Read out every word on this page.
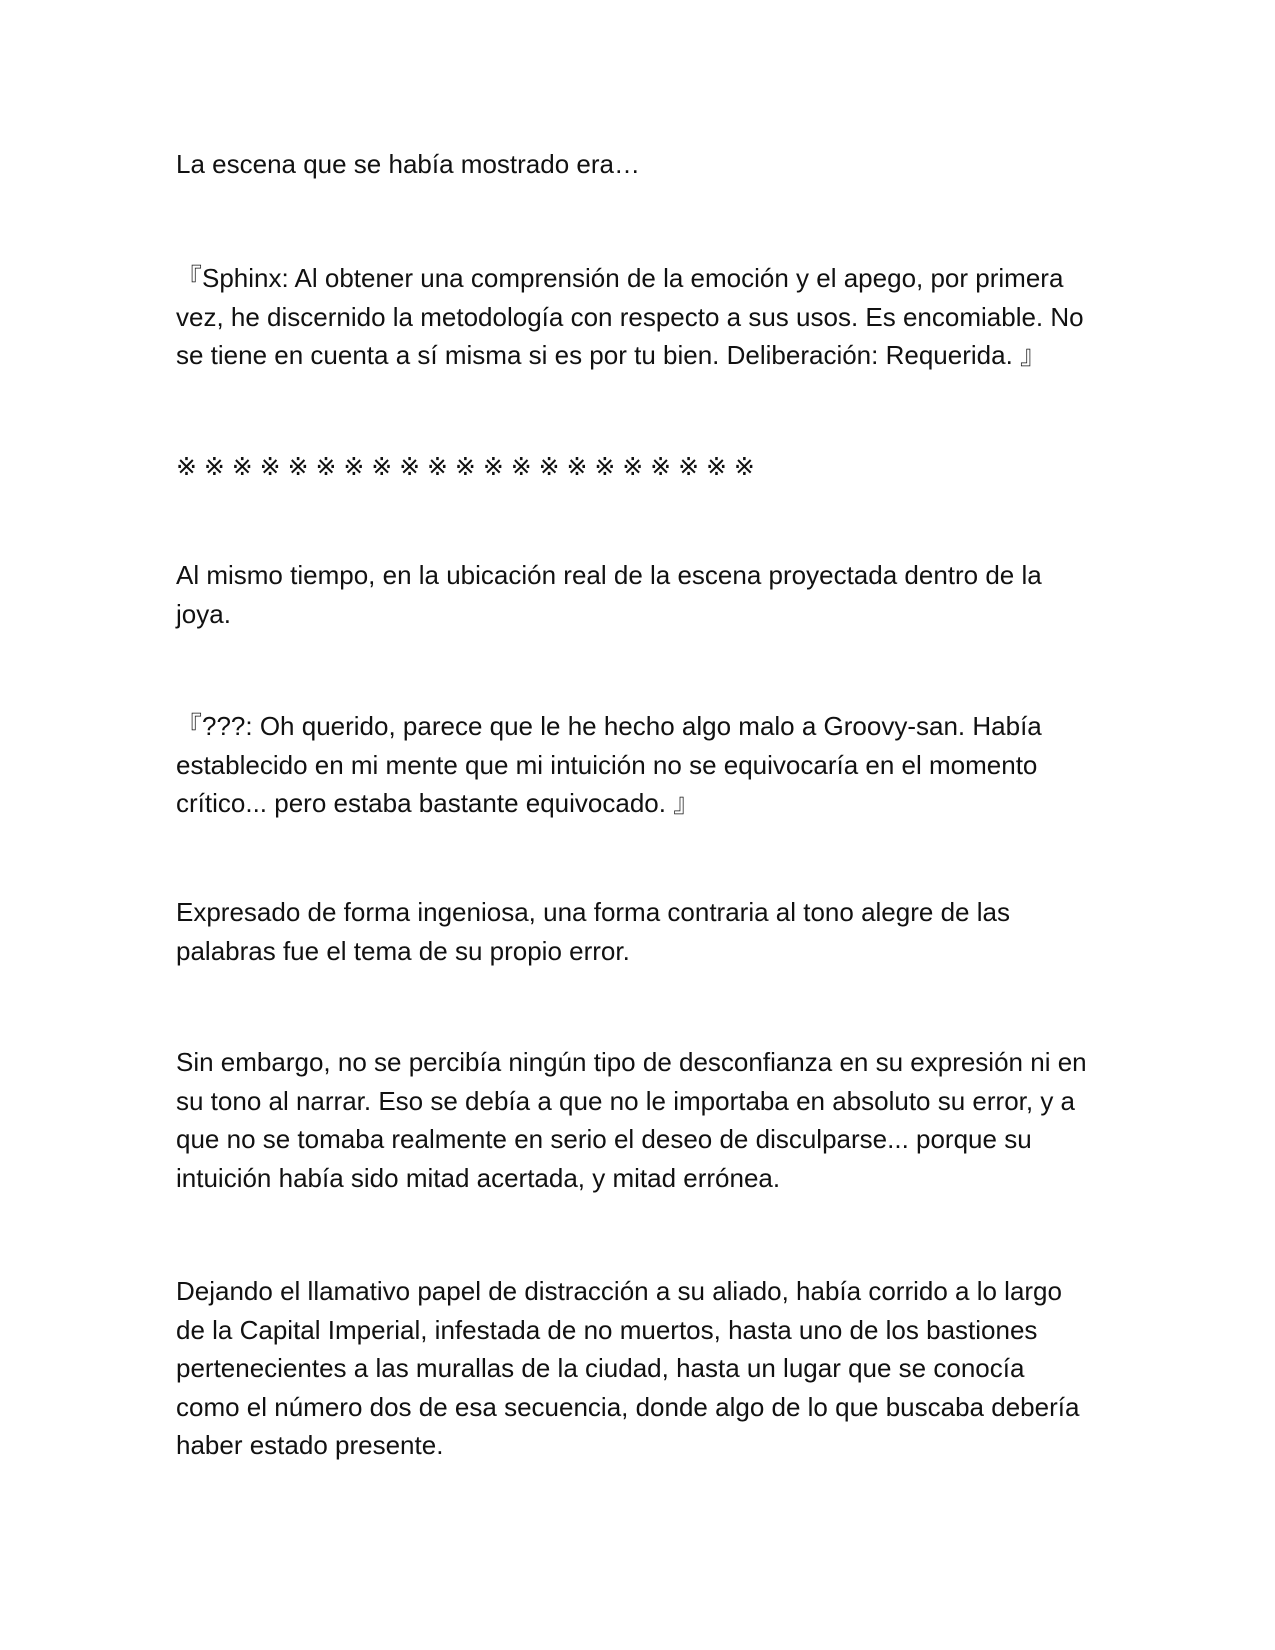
La escena que se había mostrado era…

『Sphinx: Al obtener una comprensión de la emoción y el apego, por primera
vez, he discernido la metodología con respecto a sus usos. Es encomiable. No
se tiene en cuenta a sí misma si es por tu bien. Deliberación: Requerida. 』

※ ※ ※ ※ ※ ※ ※ ※ ※ ※ ※ ※ ※ ※ ※ ※ ※ ※ ※ ※ ※

Al mismo tiempo, en la ubicación real de la escena proyectada dentro de la
joya.

『???: Oh querido, parece que le he hecho algo malo a Groovy-san. Había
establecido en mi mente que mi intuición no se equivocaría en el momento
crítico... pero estaba bastante equivocado. 』

Expresado de forma ingeniosa, una forma contraria al tono alegre de las
palabras fue el tema de su propio error.

Sin embargo, no se percibía ningún tipo de desconfianza en su expresión ni en
su tono al narrar. Eso se debía a que no le importaba en absoluto su error, y a
que no se tomaba realmente en serio el deseo de disculparse... porque su
intuición había sido mitad acertada, y mitad errónea.

Dejando el llamativo papel de distracción a su aliado, había corrido a lo largo
de la Capital Imperial, infestada de no muertos, hasta uno de los bastiones
pertenecientes a las murallas de la ciudad, hasta un lugar que se conocía
como el número dos de esa secuencia, donde algo de lo que buscaba debería
haber estado presente.
